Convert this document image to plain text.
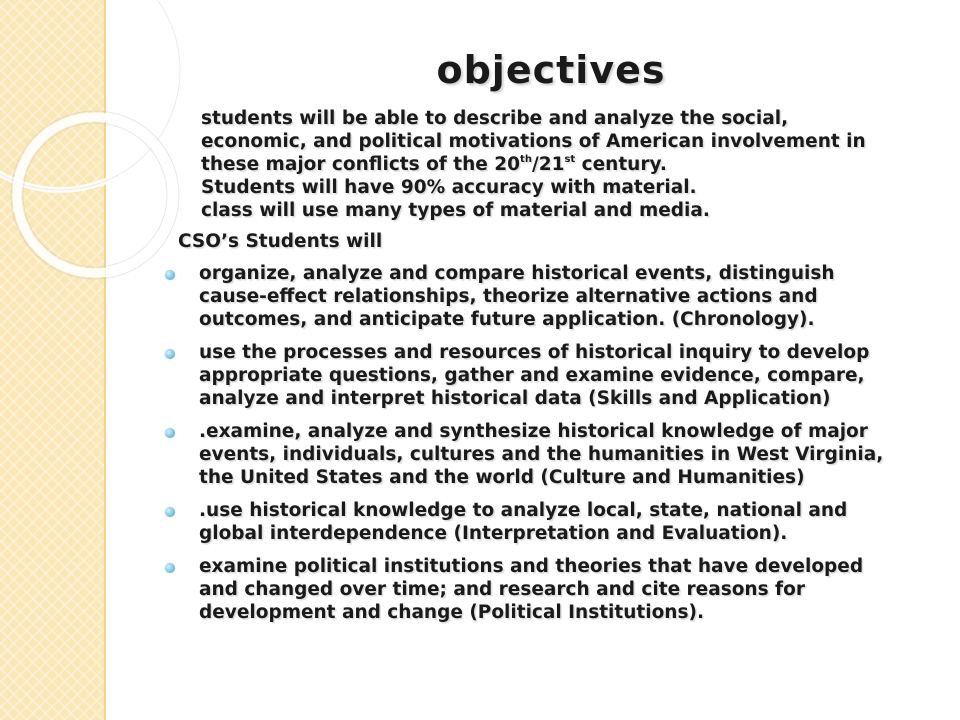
objectives
students will be able to describe and analyze the social,
economic, and political motivations of American involvement in
these major conflicts of the 20th/21st century.
Students will have 90% accuracy with material.
class will use many types of material and media.
CSO’s Students will
organize, analyze and compare historical events, distinguish
cause-effect relationships, theorize alternative actions and
outcomes, and anticipate future application. (Chronology).
use the processes and resources of historical inquiry to develop
appropriate questions, gather and examine evidence, compare,
analyze and interpret historical data (Skills and Application)
.examine, analyze and synthesize historical knowledge of major
events, individuals, cultures and the humanities in West Virginia,
the United States and the world (Culture and Humanities)
.use historical knowledge to analyze local, state, national and
global interdependence (Interpretation and Evaluation).
examine political institutions and theories that have developed
and changed over time; and research and cite reasons for
development and change (Political Institutions).
